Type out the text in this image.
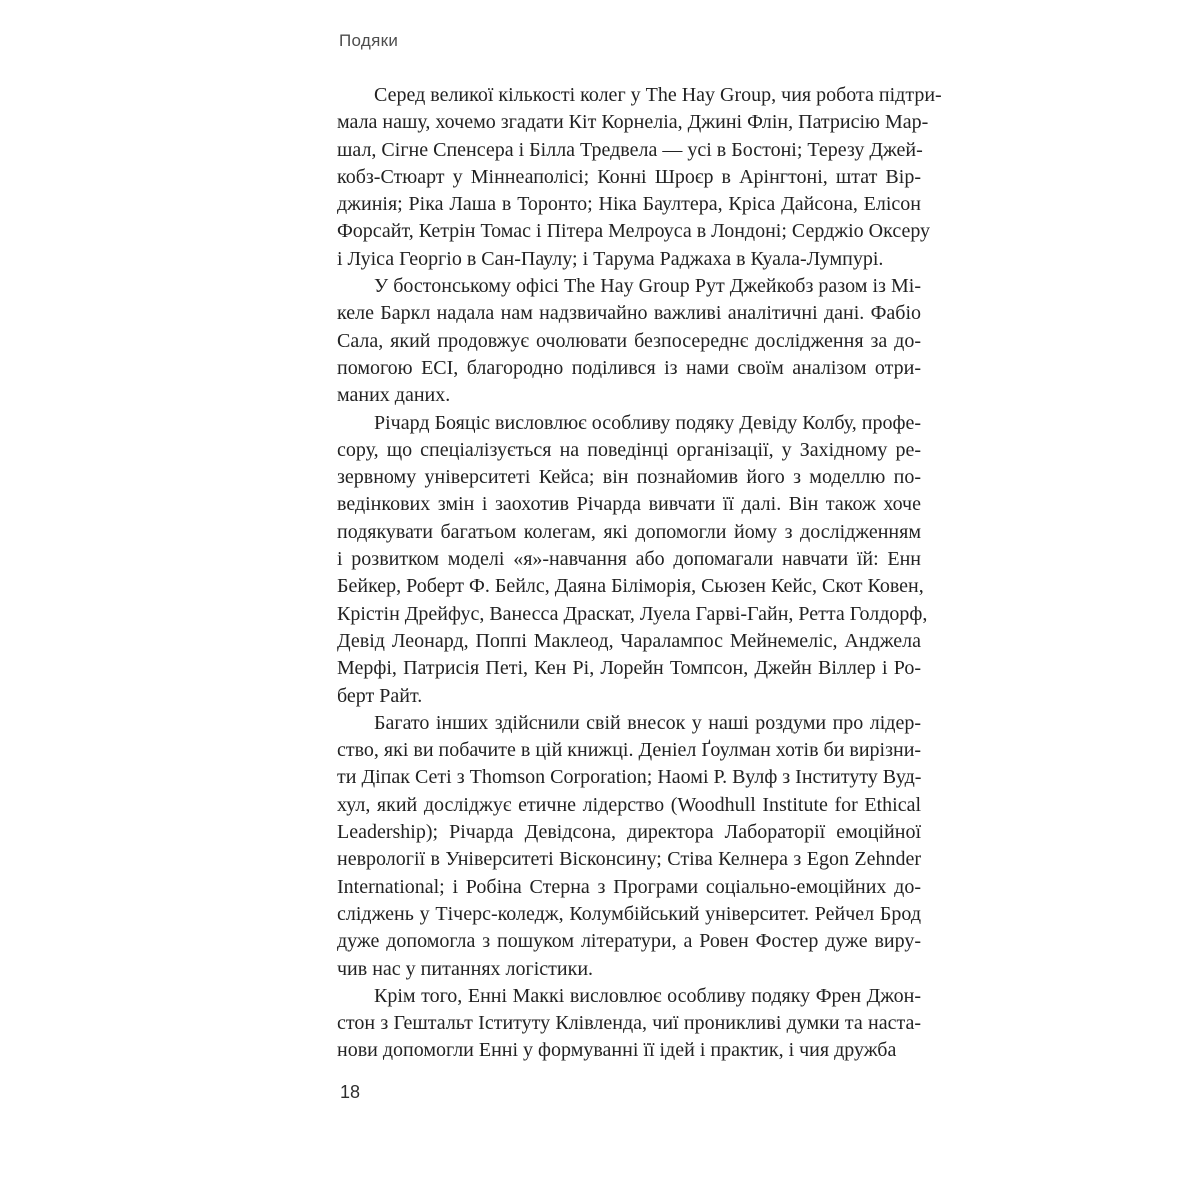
Подяки
Серед великої кількості колег у The Hay Group, чия робота підтри-
мала нашу, хочемо згадати Кіт Корнеліа, Джині Флін, Патрисію Мар-
шал, Сігне Спенсера і Білла Тредвела — усі в Бостоні; Терезу Джей-
кобз-Стюарт у Міннеаполісі; Конні Шроєр в Арінгтоні, штат Вір-
джинія; Ріка Лаша в Торонто; Ніка Баултера, Кріса Дайсона, Елісон
Форсайт, Кетрін Томас і Пітера Мелроуса в Лондоні; Серджіо Оксеру
і Луіса Георгіо в Сан-Паулу; і Тарума Раджаха в Куала-Лумпурі.
У бостонському офісі The Hay Group Рут Джейкобз разом із Мі-
келе Баркл надала нам надзвичайно важливі аналітичні дані. Фабіо
Сала, який продовжує очолювати безпосереднє дослідження за до-
помогою ECI, благородно поділився із нами своїм аналізом отри-
маних даних.
Річард Бояціс висловлює особливу подяку Девіду Колбу, профе-
сору, що спеціалізується на поведінці організації, у Західному ре-
зервному університеті Кейса; він познайомив його з моделлю по-
ведінкових змін і заохотив Річарда вивчати її далі. Він також хоче
подякувати багатьом колегам, які допомогли йому з дослідженням
і розвитком моделі «я»-навчання або допомагали навчати їй: Енн
Бейкер, Роберт Ф. Бейлс, Даяна Біліморія, Сьюзен Кейс, Скот Ковен,
Крістін Дрейфус, Ванесса Драскат, Луела Гарві-Гайн, Ретта Голдорф,
Девід Леонард, Поппі Маклеод, Чаралампос Мейнемеліс, Анджела
Мерфі, Патрисія Петі, Кен Рі, Лорейн Томпсон, Джейн Віллер і Ро-
берт Райт.
Багато інших здійснили свій внесок у наші роздуми про лідер-
ство, які ви побачите в цій книжці. Деніел Ґоулман хотів би вирізни-
ти Діпак Сеті з Thomson Corporation; Наомі Р. Вулф з Інституту Вуд-
хул, який досліджує етичне лідерство (Woodhull Institute for Ethical
Leadership); Річарда Девідсона, директора Лабораторії емоційної
неврології в Університеті Вісконсину; Стіва Келнера з Egon Zehnder
International; і Робіна Стерна з Програми соціально-емоційних до-
сліджень у Тічерс-коледж, Колумбійський університет. Рейчел Брод
дуже допомогла з пошуком літератури, а Ровен Фостер дуже виру-
чив нас у питаннях логістики.
Крім того, Енні Маккі висловлює особливу подяку Френ Джон-
стон з Гештальт Іституту Клівленда, чиї проникливі думки та наста-
нови допомогли Енні у формуванні її ідей і практик, і чия дружба
18
